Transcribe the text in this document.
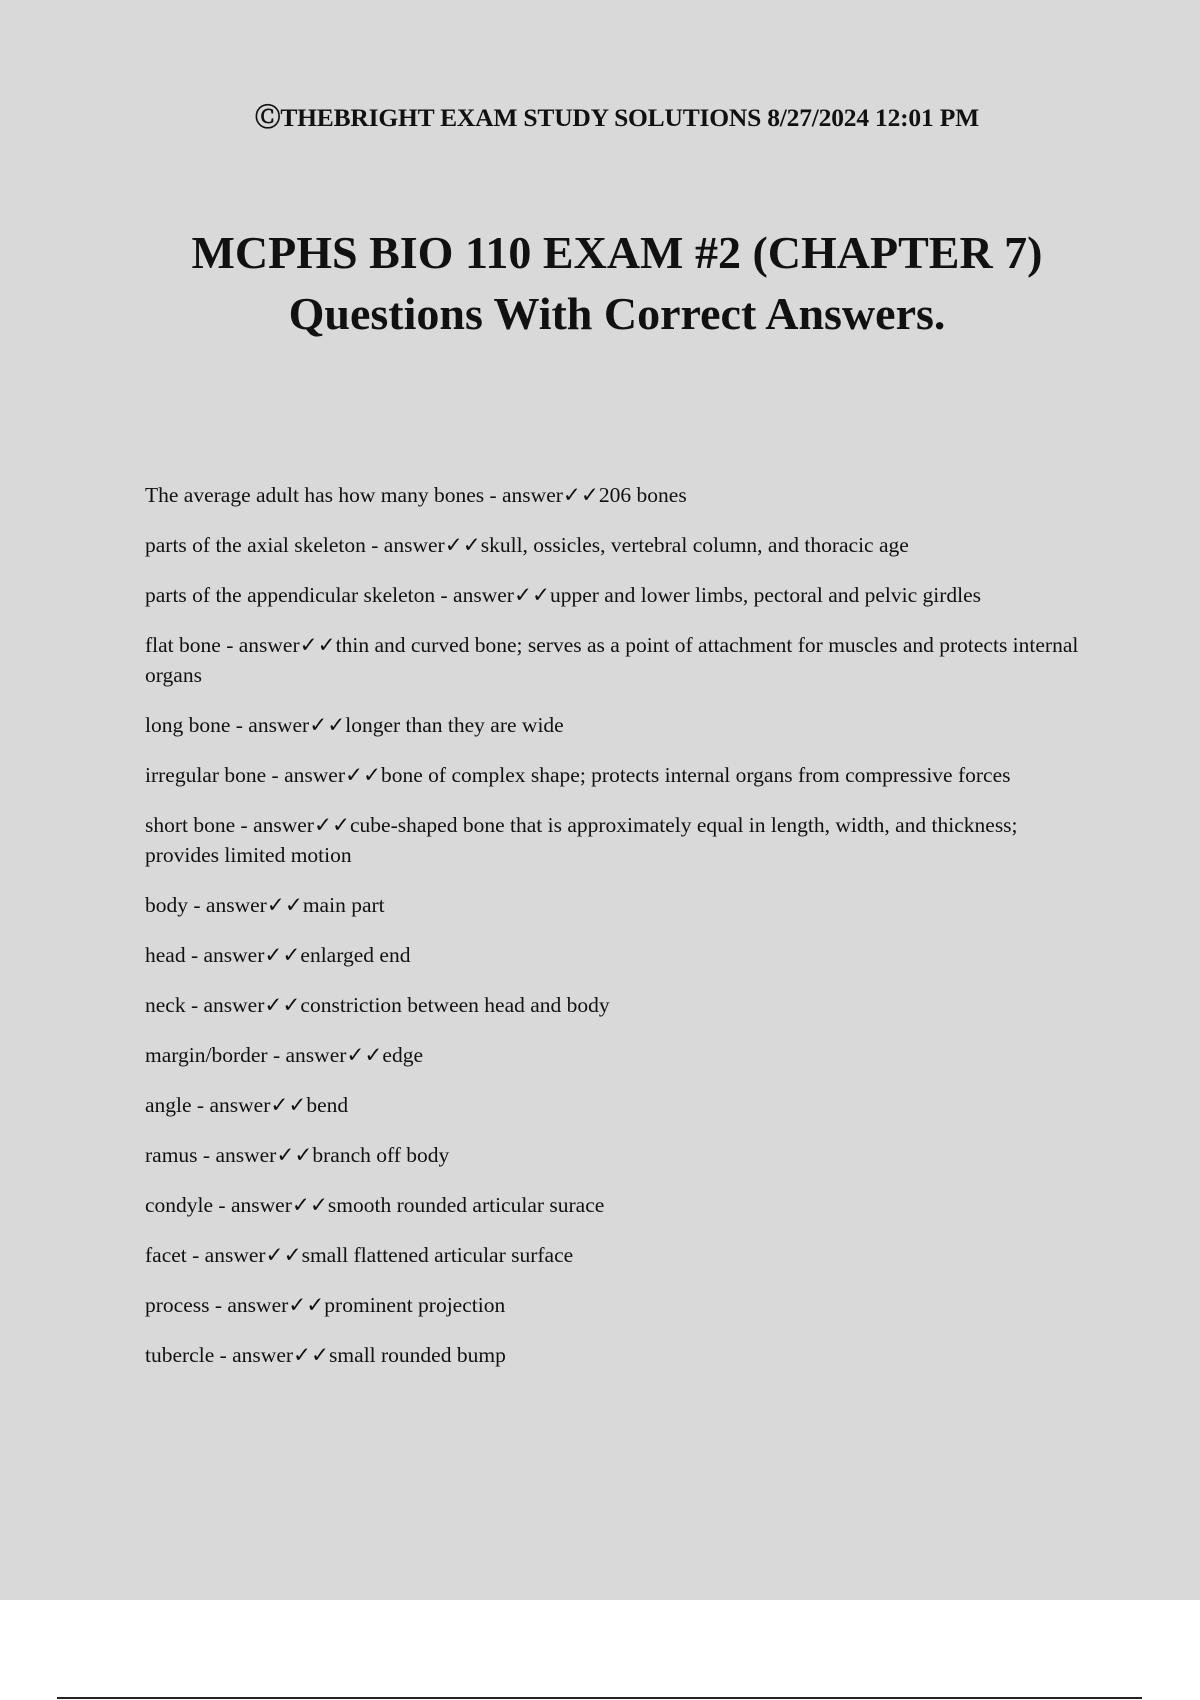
ⒸTHEBRIGHT EXAM STUDY SOLUTIONS 8/27/2024 12:01 PM
MCPHS BIO 110 EXAM #2 (CHAPTER 7)
Questions With Correct Answers.

The average adult has how many bones - answer✓✓206 bones

parts of the axial skeleton - answer✓✓skull, ossicles, vertebral column, and thoracic age

parts of the appendicular skeleton - answer✓✓upper and lower limbs, pectoral and pelvic girdles

flat bone - answer✓✓thin and curved bone; serves as a point of attachment for muscles and protects internal organs

long bone - answer✓✓longer than they are wide

irregular bone - answer✓✓bone of complex shape; protects internal organs from compressive forces

short bone - answer✓✓cube-shaped bone that is approximately equal in length, width, and thickness; provides limited motion

body - answer✓✓main part

head - answer✓✓enlarged end

neck - answer✓✓constriction between head and body

margin/border - answer✓✓edge

angle - answer✓✓bend

ramus - answer✓✓branch off body

condyle - answer✓✓smooth rounded articular surace

facet - answer✓✓small flattened articular surface

process - answer✓✓prominent projection

tubercle - answer✓✓small rounded bump
